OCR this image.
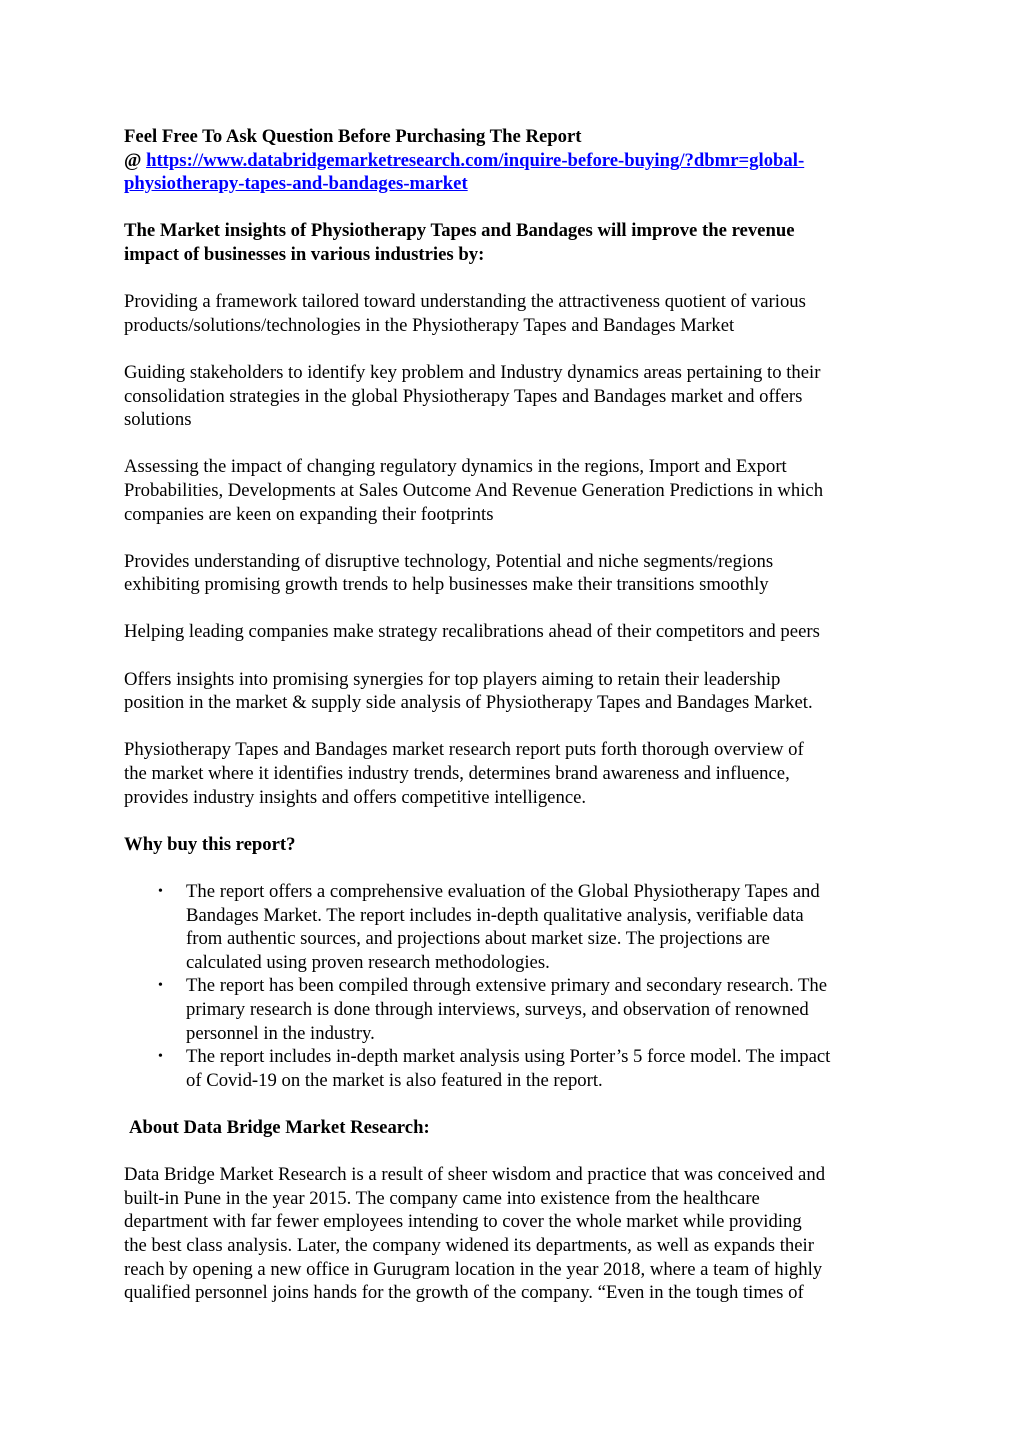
Feel Free To Ask Question Before Purchasing The Report
@ https://www.databridgemarketresearch.com/inquire-before-buying/?dbmr=global-
physiotherapy-tapes-and-bandages-market
The Market insights of Physiotherapy Tapes and Bandages will improve the revenue
impact of businesses in various industries by:
Providing a framework tailored toward understanding the attractiveness quotient of various
products/solutions/technologies in the Physiotherapy Tapes and Bandages Market
Guiding stakeholders to identify key problem and Industry dynamics areas pertaining to their
consolidation strategies in the global Physiotherapy Tapes and Bandages market and offers
solutions
Assessing the impact of changing regulatory dynamics in the regions, Import and Export
Probabilities, Developments at Sales Outcome And Revenue Generation Predictions in which
companies are keen on expanding their footprints
Provides understanding of disruptive technology, Potential and niche segments/regions
exhibiting promising growth trends to help businesses make their transitions smoothly
Helping leading companies make strategy recalibrations ahead of their competitors and peers
Offers insights into promising synergies for top players aiming to retain their leadership
position in the market & supply side analysis of Physiotherapy Tapes and Bandages Market.
Physiotherapy Tapes and Bandages market research report puts forth thorough overview of
the market where it identifies industry trends, determines brand awareness and influence,
provides industry insights and offers competitive intelligence.
Why buy this report?
• The report offers a comprehensive evaluation of the Global Physiotherapy Tapes and
Bandages Market. The report includes in-depth qualitative analysis, verifiable data
from authentic sources, and projections about market size. The projections are
calculated using proven research methodologies.
• The report has been compiled through extensive primary and secondary research. The
primary research is done through interviews, surveys, and observation of renowned
personnel in the industry.
• The report includes in-depth market analysis using Porter’s 5 force model. The impact
of Covid-19 on the market is also featured in the report.
About Data Bridge Market Research:
Data Bridge Market Research is a result of sheer wisdom and practice that was conceived and
built-in Pune in the year 2015. The company came into existence from the healthcare
department with far fewer employees intending to cover the whole market while providing
the best class analysis. Later, the company widened its departments, as well as expands their
reach by opening a new office in Gurugram location in the year 2018, where a team of highly
qualified personnel joins hands for the growth of the company. “Even in the tough times of
